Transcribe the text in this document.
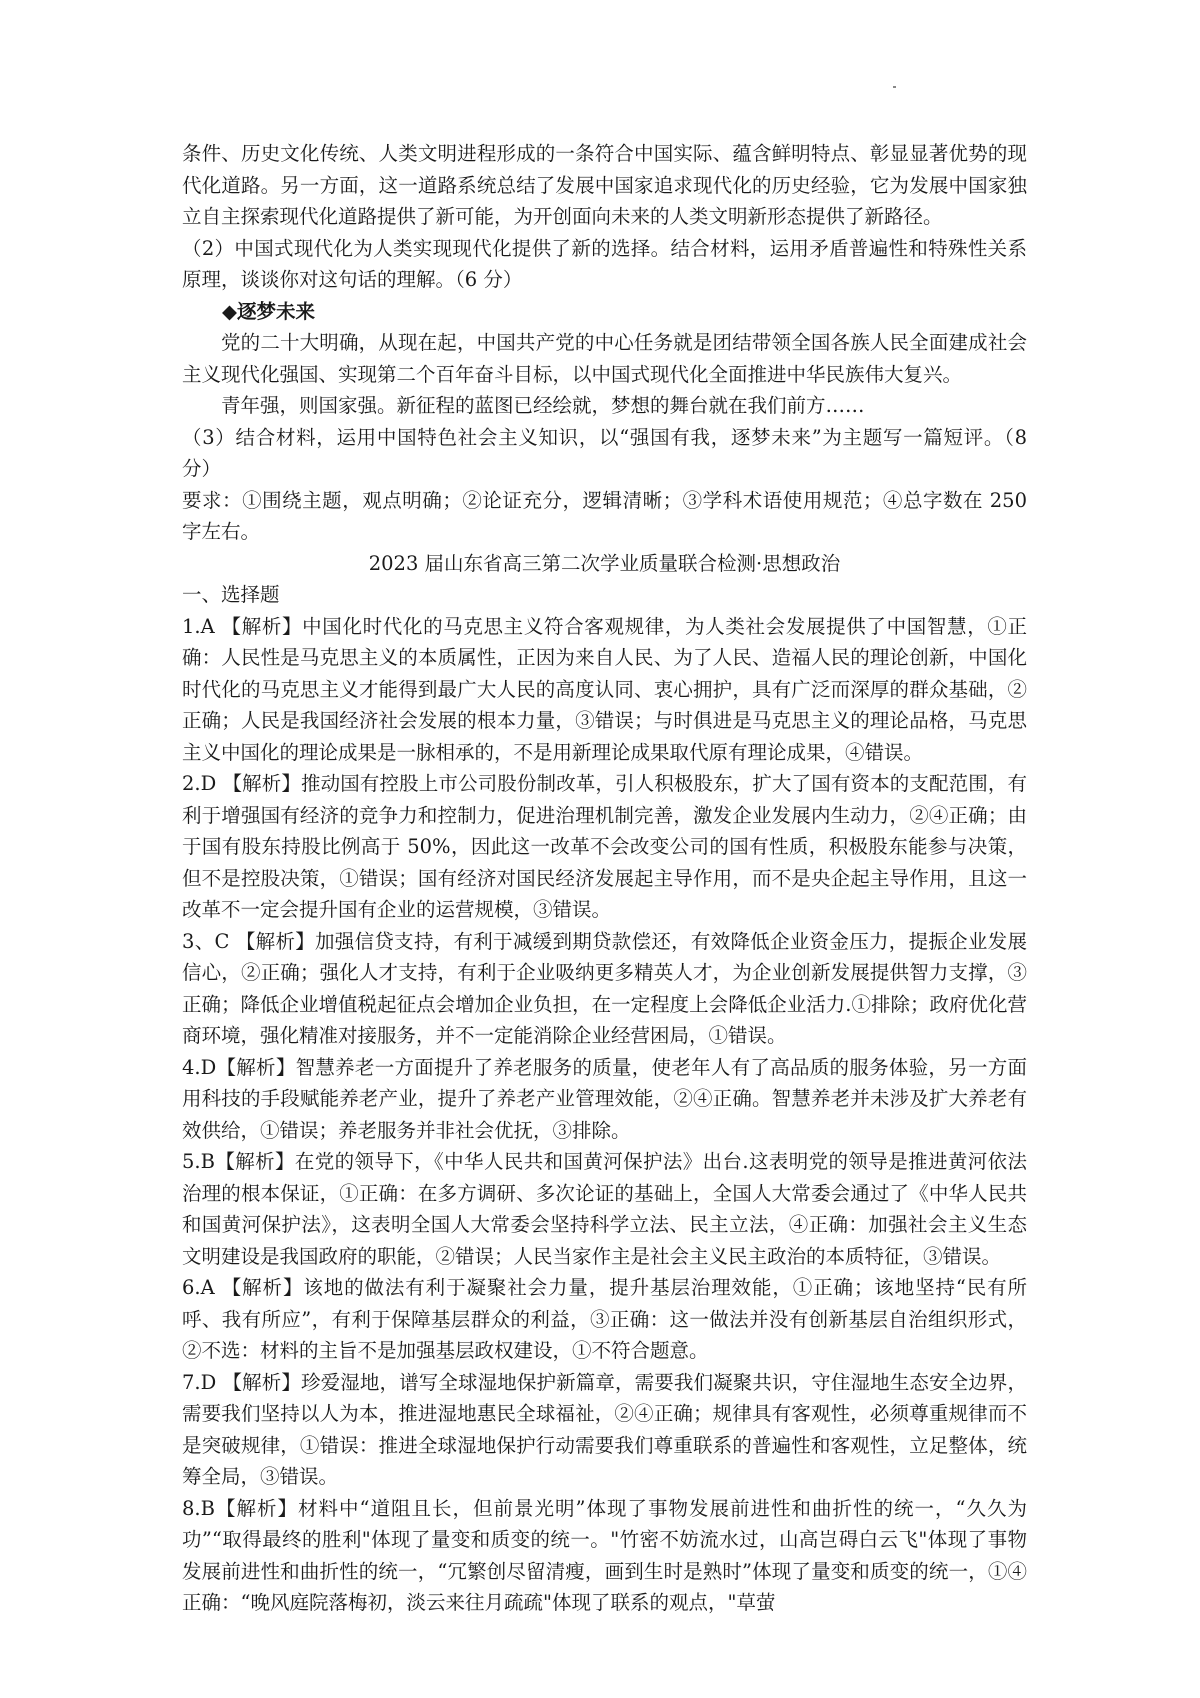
条件、历史文化传统、人类文明进程形成的一条符合中国实际、蕴含鲜明特点、彰显显著优势的现代化道路。另一方面，这一道路系统总结了发展中国家追求现代化的历史经验，它为发展中国家独立自主探索现代化道路提供了新可能，为开创面向未来的人类文明新形态提供了新路径。

（2）中国式现代化为人类实现现代化提供了新的选择。结合材料，运用矛盾普遍性和特殊性关系原理，谈谈你对这句话的理解。（6 分）

◆逐梦未来

党的二十大明确，从现在起，中国共产党的中心任务就是团结带领全国各族人民全面建成社会主义现代化强国、实现第二个百年奋斗目标，以中国式现代化全面推进中华民族伟大复兴。

青年强，则国家强。新征程的蓝图已经绘就，梦想的舞台就在我们前方……

（3）结合材料，运用中国特色社会主义知识，以“强国有我，逐梦未来”为主题写一篇短评。（8 分）

要求：①围绕主题，观点明确；②论证充分，逻辑清晰；③学科术语使用规范；④总字数在 250 字左右。

2023 届山东省高三第二次学业质量联合检测·思想政治

一、选择题

1.A 【解析】中国化时代化的马克思主义符合客观规律，为人类社会发展提供了中国智慧，①正确：人民性是马克思主义的本质属性，正因为来自人民、为了人民、造福人民的理论创新，中国化时代化的马克思主义才能得到最广大人民的高度认同、衷心拥护，具有广泛而深厚的群众基础，②正确；人民是我国经济社会发展的根本力量，③错误；与时俱进是马克思主义的理论品格，马克思主义中国化的理论成果是一脉相承的，不是用新理论成果取代原有理论成果，④错误。

2.D 【解析】推动国有控股上市公司股份制改革，引人积极股东，扩大了国有资本的支配范围，有利于增强国有经济的竞争力和控制力，促进治理机制完善，激发企业发展内生动力，②④正确；由于国有股东持股比例高于 50%，因此这一改革不会改变公司的国有性质，积极股东能参与决策，但不是控股决策，①错误；国有经济对国民经济发展起主导作用，而不是央企起主导作用，且这一改革不一定会提升国有企业的运营规模，③错误。

3、C 【解析】加强信贷支持，有利于减缓到期贷款偿还，有效降低企业资金压力，提振企业发展信心，②正确；强化人才支持，有利于企业吸纳更多精英人才，为企业创新发展提供智力支撑，③正确；降低企业增值税起征点会增加企业负担，在一定程度上会降低企业活力.①排除；政府优化营商环境，强化精准对接服务，并不一定能消除企业经营困局，①错误。

4.D【解析】智慧养老一方面提升了养老服务的质量，使老年人有了高品质的服务体验，另一方面用科技的手段赋能养老产业，提升了养老产业管理效能，②④正确。智慧养老并未涉及扩大养老有效供给，①错误；养老服务并非社会优抚，③排除。

5.B【解析】在党的领导下，《中华人民共和国黄河保护法》出台.这表明党的领导是推进黄河依法治理的根本保证，①正确：在多方调研、多次论证的基础上，全国人大常委会通过了《中华人民共和国黄河保护法》，这表明全国人大常委会坚持科学立法、民主立法，④正确：加强社会主义生态文明建设是我国政府的职能，②错误；人民当家作主是社会主义民主政治的本质特征，③错误。

6.A 【解析】该地的做法有利于凝聚社会力量，提升基层治理效能，①正确；该地坚持“民有所呼、我有所应”，有利于保障基层群众的利益，③正确：这一做法并没有创新基层自治组织形式，②不选：材料的主旨不是加强基层政权建设，①不符合题意。

7.D 【解析】珍爱湿地，谱写全球湿地保护新篇章，需要我们凝聚共识，守住湿地生态安全边界，需要我们坚持以人为本，推进湿地惠民全球福祉，②④正确；规律具有客观性，必须尊重规律而不是突破规律，①错误：推进全球湿地保护行动需要我们尊重联系的普遍性和客观性，立足整体，统筹全局，③错误。

8.B【解析】材料中“道阻且长，但前景光明”体现了事物发展前进性和曲折性的统一，“久久为功”“取得最终的胜利"体现了量变和质变的统一。"竹密不妨流水过，山高岂碍白云飞"体现了事物发展前进性和曲折性的统一，“冗繁创尽留清瘦，画到生时是熟时”体现了量变和质变的统一，①④正确：“晚风庭院落梅初，淡云来往月疏疏"体现了联系的观点，"草萤
